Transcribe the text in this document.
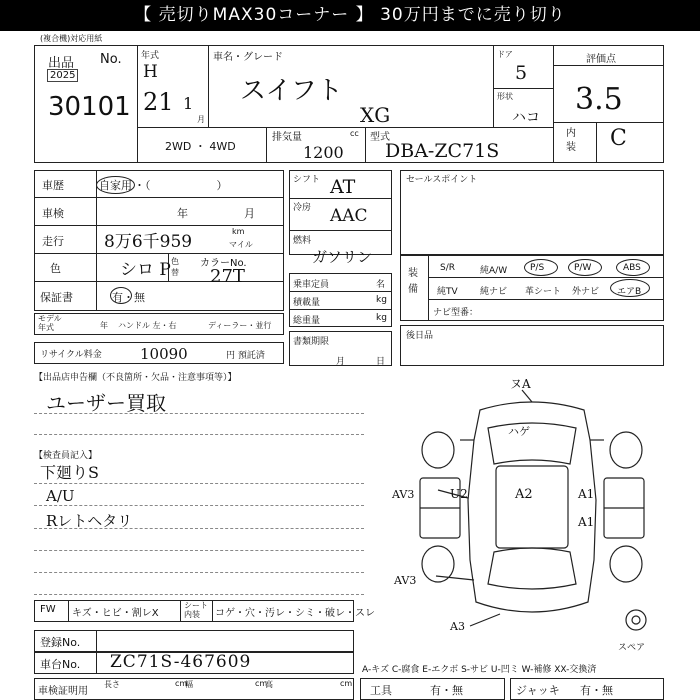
【 売切りMAX30コーナー 】 30万円までに売り切り
(複合機)対応用紙
出品 No.
2025
30101
年式
H
21 1
月
車名・グレード
スイフト
XG
ドア
5
形状
ハコ
評価点
3.5
内装 C
2WD ・ 4WD
排気量	cc
1200
型式
DBA-ZC71S
車歴	自家用 ・（　　　　　　）
車検	年	月
走行 8万6千959
km
マイル
色	シロ P 色替
カラーNo.
27T
保証書	有・無
モデル年式	年 ハンドル 左・右	ディーラー・並行
リサイクル料金	10090	円 預託済
シフト AT
冷房 AAC
燃料
ガソリン
乗車定員	名
積載量	kg
総重量	kg
書類期限
月	日
セールスポイント
装備
S/R	純A/W	P/S	P/W	ABS
純TV 純ナビ 革シート 外ナビ エアB
ナビ型番：
後日品
【出品店申告欄（不良箇所・欠品・注意事項等）】
ユーザー買取
【検査員記入】
下廻りS
A/U
Rレトヘタリ
ヌA
ハゲ
A2
U2	A1
A1
AV3
AV3
A3
スペア
FW キズ・ヒビ・割レX
シート内装	コゲ・穴・汚レ・シミ・破レ・スレ
登録No.
車台No. ZC71S-467609	A-キズ C-腐食 E-エクボ S-サビ U-凹ミ W-補修 XX-交換済
車検証明用
長さ	cm
幅	cm
高	cm
工具	有・無	ジャッキ 有・無
